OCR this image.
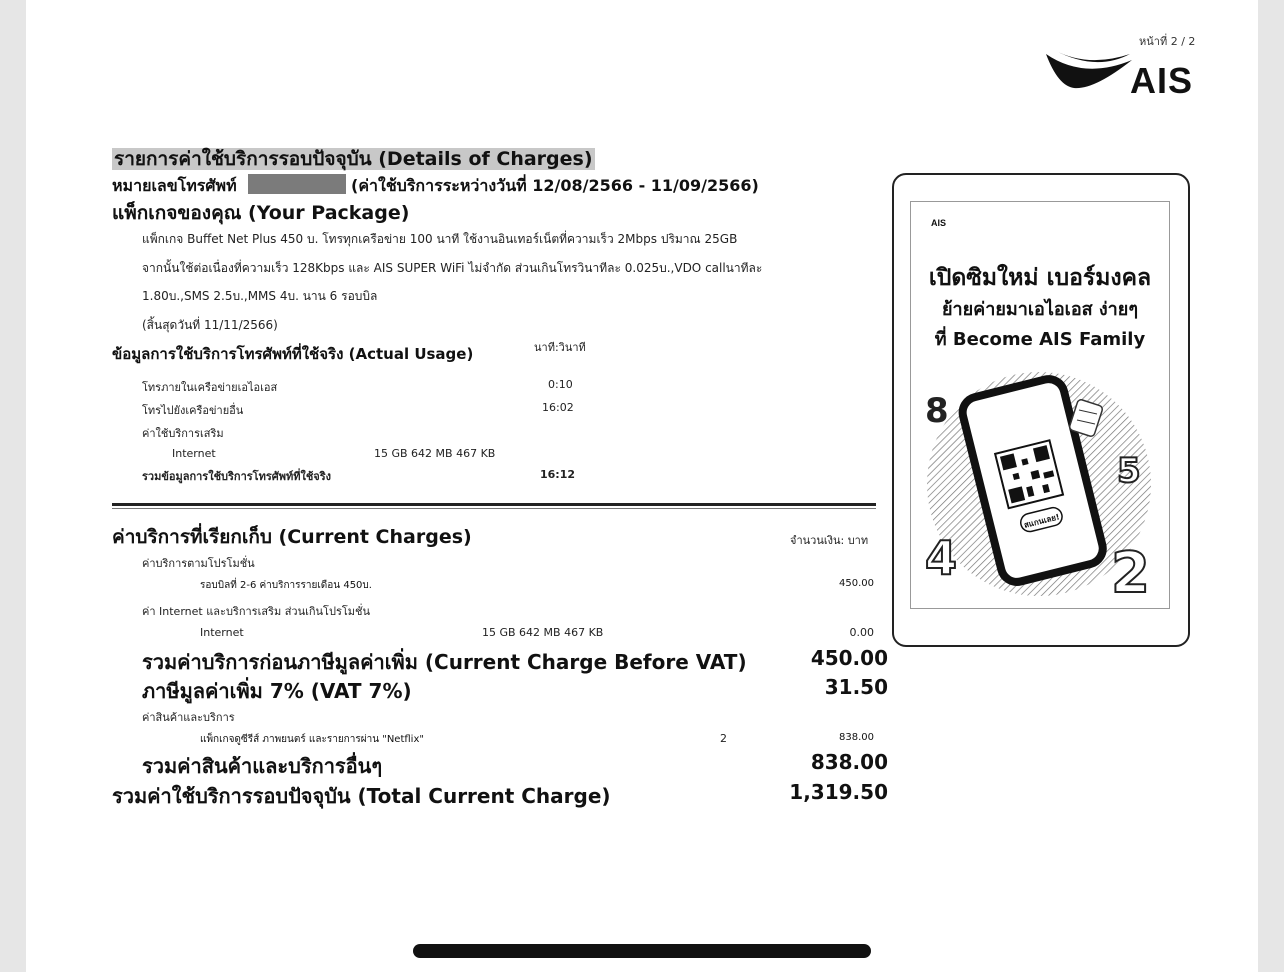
หน้าที่ 2 / 2
AIS
รายการค่าใช้บริการรอบปัจจุบัน (Details of Charges)
หมายเลขโทรศัพท์	(ค่าใช้บริการระหว่างวันที่ 12/08/2566 - 11/09/2566)
แพ็กเกจของคุณ (Your Package)
แพ็กเกจ Buffet Net Plus 450 บ. โทรทุกเครือข่าย 100 นาที ใช้งานอินเทอร์เน็ตที่ความเร็ว 2Mbps ปริมาณ 25GB
จากนั้นใช้ต่อเนื่องที่ความเร็ว 128Kbps และ AIS SUPER WiFi ไม่จำกัด ส่วนเกินโทรวินาทีละ 0.025บ.,VDO callนาทีละ
1.80บ.,SMS 2.5บ.,MMS 4บ. นาน 6 รอบบิล
(สิ้นสุดวันที่ 11/11/2566)
ข้อมูลการใช้บริการโทรศัพท์ที่ใช้จริง (Actual Usage)	นาที:วินาที
โทรภายในเครือข่ายเอไอเอส	0:10
โทรไปยังเครือข่ายอื่น	16:02
ค่าใช้บริการเสริม
Internet	15 GB 642 MB 467 KB
รวมข้อมูลการใช้บริการโทรศัพท์ที่ใช้จริง	16:12
ค่าบริการที่เรียกเก็บ (Current Charges)	จำนวนเงิน: บาท
ค่าบริการตามโปรโมชั่น
รอบบิลที่ 2-6 ค่าบริการรายเดือน 450บ.	450.00
ค่า Internet และบริการเสริม ส่วนเกินโปรโมชั่น
Internet	15 GB 642 MB 467 KB	0.00
รวมค่าบริการก่อนภาษีมูลค่าเพิ่ม (Current Charge Before VAT)	450.00
ภาษีมูลค่าเพิ่ม 7% (VAT 7%)	31.50
ค่าสินค้าและบริการ
แพ็กเกจดูซีรีส์ ภาพยนตร์ และรายการผ่าน "Netflix"	2	838.00
รวมค่าสินค้าและบริการอื่นๆ	838.00
รวมค่าใช้บริการรอบปัจจุบัน (Total Current Charge)	1,319.50
AIS
เปิดซิมใหม่ เบอร์มงคล
ย้ายค่ายมาเอไอเอส ง่ายๆ
ที่ Become AIS Family
8
4
5
2
สแกนเลย!
